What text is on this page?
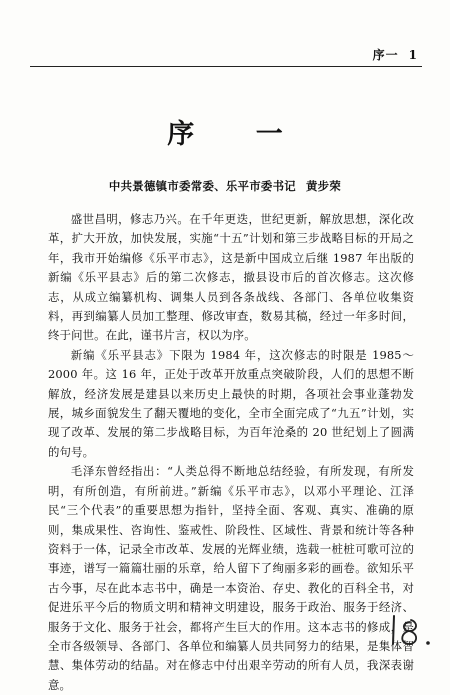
序一 1
序 一
中共景德镇市委常委、乐平市委书记 黄步荣

盛世昌明，修志乃兴。在千年更迭，世纪更新，解放思想，深化改革，扩大开放，加快发展，实施“十五”计划和第三步战略目标的开局之年，我市开始编修《乐平市志》，这是新中国成立后继 1987 年出版的新编《乐平县志》后的第二次修志，撤县设市后的首次修志。这次修志，从成立编纂机构、调集人员到各条战线、各部门、各单位收集资料，再到编纂人员加工整理、修改审查，数易其稿，经过一年多时间，终于问世。在此，谨书片言，权以为序。

新编《乐平县志》下限为 1984 年，这次修志的时限是 1985～2000 年。这 16 年，正处于改革开放重点突破阶段，人们的思想不断解放，经济发展是建县以来历史上最快的时期，各项社会事业蓬勃发展，城乡面貌发生了翻天覆地的变化，全市全面完成了“九五”计划，实现了改革、发展的第二步战略目标，为百年沧桑的 20 世纪划上了圆满的句号。

毛泽东曾经指出：“人类总得不断地总结经验，有所发现，有所发明，有所创造，有所前进。”新编《乐平市志》，以邓小平理论、江泽民“三个代表”的重要思想为指针，坚持全面、客观、真实、准确的原则，集成果性、咨询性、鉴戒性、阶段性、区域性、背景和统计等各种资料于一体，记录全市改革、发展的光辉业绩，选载一桩桩可歌可泣的事迹，谱写一篇篇壮丽的乐章，给人留下了绚丽多彩的画卷。欲知乐平古今事，尽在此本志书中，确是一本资治、存史、教化的百科全书，对促进乐平今后的物质文明和精神文明建设，服务于政治、服务于经济、服务于文化、服务于社会，都将产生巨大的作用。这本志书的修成，是全市各级领导、各部门、各单位和编纂人员共同努力的结果，是集体智慧、集体劳动的结晶。对在修志中付出艰辛劳动的所有人员，我深表谢意。
